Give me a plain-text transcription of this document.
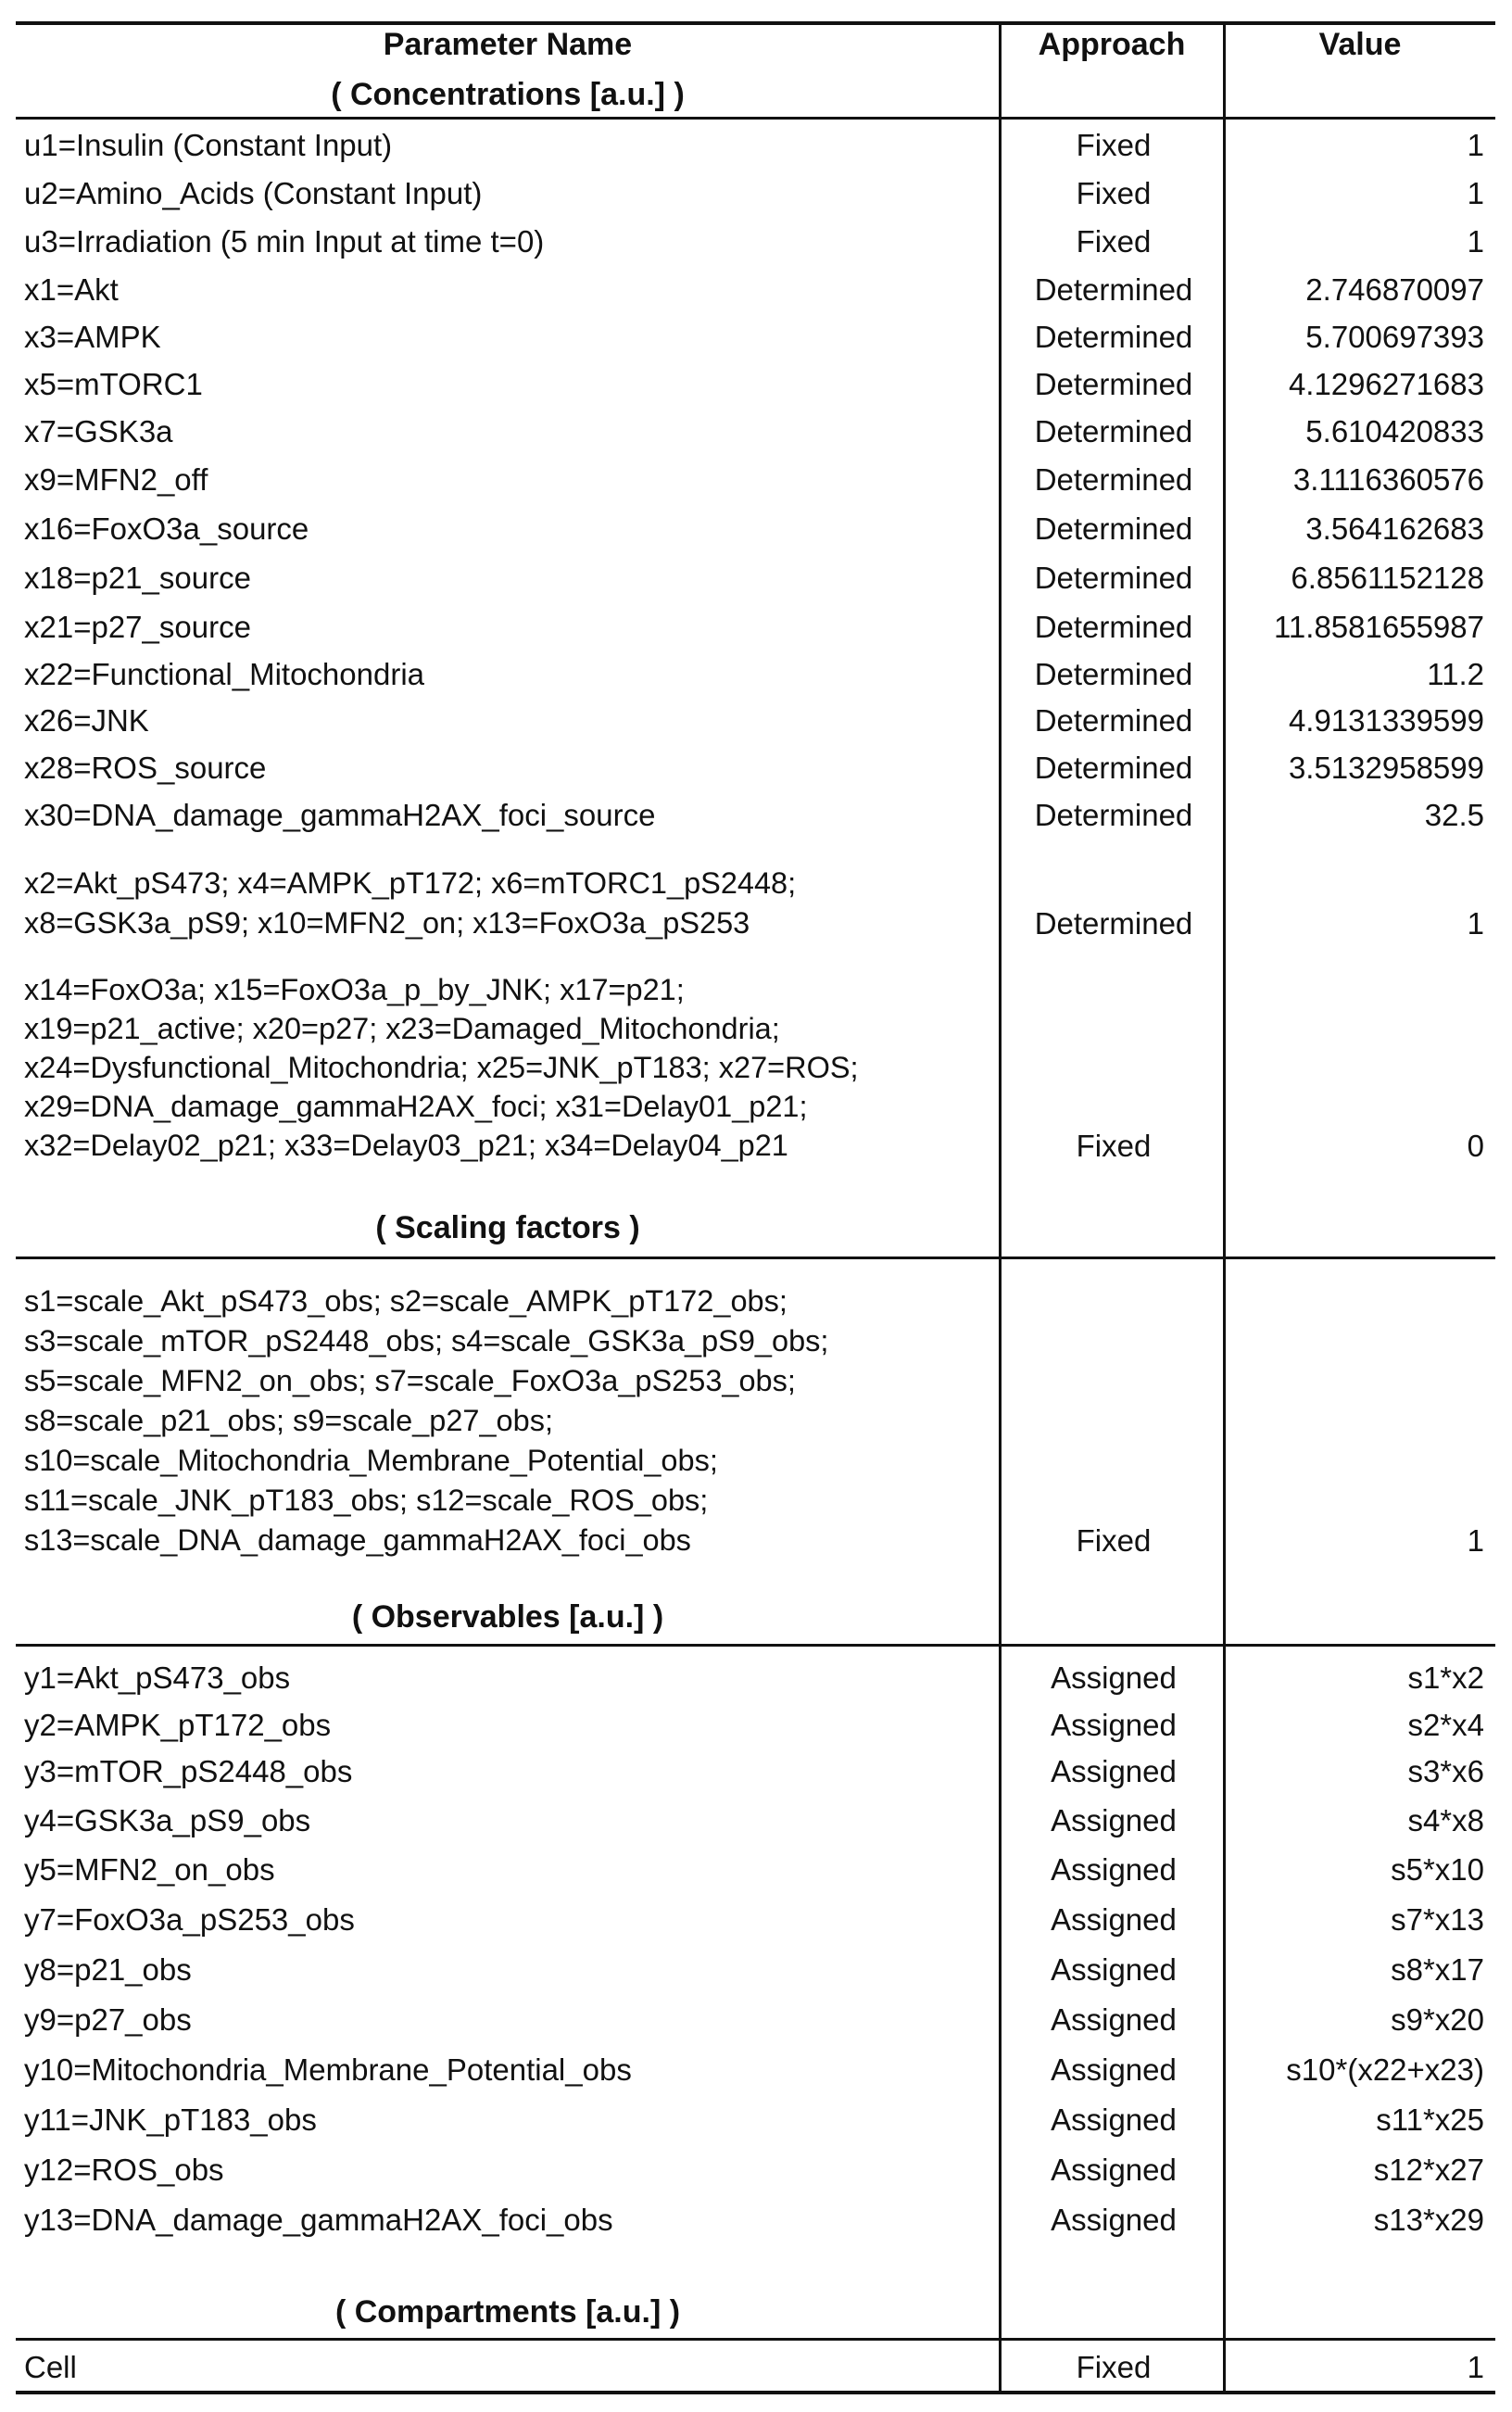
Parameter Name
( Concentrations [a.u.] )
Approach	Value
u1=Insulin (Constant Input)	Fixed	1
u2=Amino_Acids (Constant Input)	Fixed	1
u3=Irradiation (5 min Input at time t=0)	Fixed	1
x1=Akt	Determined	2.746870097
x3=AMPK	Determined	5.700697393
x5=mTORC1	Determined	4.1296271683
x7=GSK3a	Determined	5.610420833
x9=MFN2_off	Determined	3.1116360576
x16=FoxO3a_source	Determined	3.564162683
x18=p21_source	Determined	6.8561152128
x21=p27_source	Determined	11.8581655987
x22=Functional_Mitochondria	Determined	11.2
x26=JNK	Determined	4.9131339599
x28=ROS_source	Determined	3.5132958599
x30=DNA_damage_gammaH2AX_foci_source	Determined	32.5
x2=Akt_pS473; x4=AMPK_pT172; x6=mTORC1_pS2448;
x8=GSK3a_pS9; x10=MFN2_on; x13=FoxO3a_pS253	Determined	1
x14=FoxO3a; x15=FoxO3a_p_by_JNK; x17=p21;
x19=p21_active; x20=p27; x23=Damaged_Mitochondria;
x24=Dysfunctional_Mitochondria; x25=JNK_pT183; x27=ROS;
x29=DNA_damage_gammaH2AX_foci; x31=Delay01_p21;
x32=Delay02_p21; x33=Delay03_p21; x34=Delay04_p21	Fixed	0
( Scaling factors )
s1=scale_Akt_pS473_obs; s2=scale_AMPK_pT172_obs;
s3=scale_mTOR_pS2448_obs; s4=scale_GSK3a_pS9_obs;
s5=scale_MFN2_on_obs; s7=scale_FoxO3a_pS253_obs;
s8=scale_p21_obs; s9=scale_p27_obs;
s10=scale_Mitochondria_Membrane_Potential_obs;
s11=scale_JNK_pT183_obs; s12=scale_ROS_obs;
s13=scale_DNA_damage_gammaH2AX_foci_obs	Fixed	1
( Observables [a.u.] )
y1=Akt_pS473_obs	Assigned	s1*x2
y2=AMPK_pT172_obs	Assigned	s2*x4
y3=mTOR_pS2448_obs	Assigned	s3*x6
y4=GSK3a_pS9_obs	Assigned	s4*x8
y5=MFN2_on_obs	Assigned	s5*x10
y7=FoxO3a_pS253_obs	Assigned	s7*x13
y8=p21_obs	Assigned	s8*x17
y9=p27_obs	Assigned	s9*x20
y10=Mitochondria_Membrane_Potential_obs	Assigned	s10*(x22+x23)
y11=JNK_pT183_obs	Assigned	s11*x25
y12=ROS_obs	Assigned	s12*x27
y13=DNA_damage_gammaH2AX_foci_obs	Assigned	s13*x29
( Compartments [a.u.] )
Cell	Fixed	1
